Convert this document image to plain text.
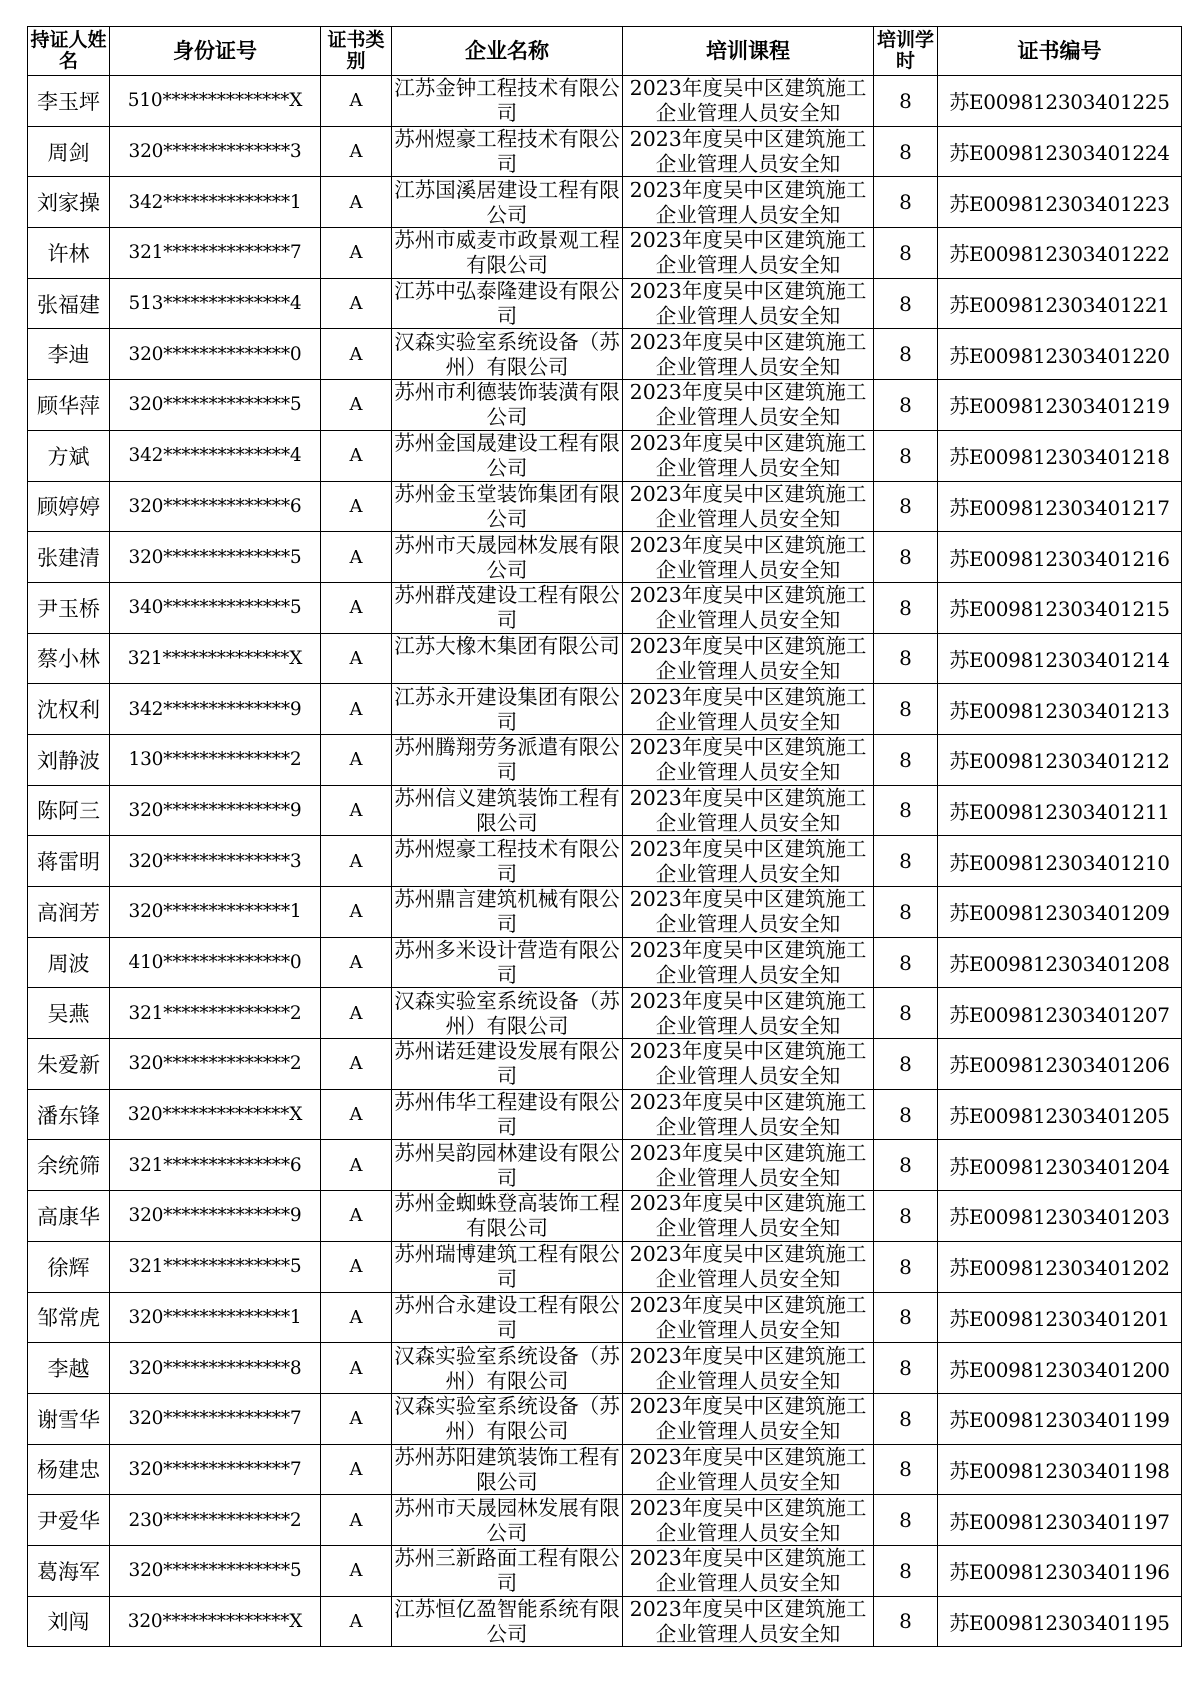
持证人姓名	身份证号	证书类别	企业名称	培训课程	培训学时	证书编号
李玉坪	510**************X	A	江苏金钟工程技术有限公司	2023年度吴中区建筑施工企业管理人员安全知	8	苏E009812303401225
周剑	320**************3	A	苏州煜豪工程技术有限公司	2023年度吴中区建筑施工企业管理人员安全知	8	苏E009812303401224
刘家操	342**************1	A	江苏国溪居建设工程有限公司	2023年度吴中区建筑施工企业管理人员安全知	8	苏E009812303401223
许林	321**************7	A	苏州市威麦市政景观工程有限公司	2023年度吴中区建筑施工企业管理人员安全知	8	苏E009812303401222
张福建	513**************4	A	江苏中弘泰隆建设有限公司	2023年度吴中区建筑施工企业管理人员安全知	8	苏E009812303401221
李迪	320**************0	A	汉森实验室系统设备（苏州）有限公司	2023年度吴中区建筑施工企业管理人员安全知	8	苏E009812303401220
顾华萍	320**************5	A	苏州市利德装饰装潢有限公司	2023年度吴中区建筑施工企业管理人员安全知	8	苏E009812303401219
方斌	342**************4	A	苏州金国晟建设工程有限公司	2023年度吴中区建筑施工企业管理人员安全知	8	苏E009812303401218
顾婷婷	320**************6	A	苏州金玉堂装饰集团有限公司	2023年度吴中区建筑施工企业管理人员安全知	8	苏E009812303401217
张建清	320**************5	A	苏州市天晟园林发展有限公司	2023年度吴中区建筑施工企业管理人员安全知	8	苏E009812303401216
尹玉桥	340**************5	A	苏州群茂建设工程有限公司	2023年度吴中区建筑施工企业管理人员安全知	8	苏E009812303401215
蔡小林	321**************X	A	江苏大橡木集团有限公司	2023年度吴中区建筑施工企业管理人员安全知	8	苏E009812303401214
沈权利	342**************9	A	江苏永开建设集团有限公司	2023年度吴中区建筑施工企业管理人员安全知	8	苏E009812303401213
刘静波	130**************2	A	苏州腾翔劳务派遣有限公司	2023年度吴中区建筑施工企业管理人员安全知	8	苏E009812303401212
陈阿三	320**************9	A	苏州信义建筑装饰工程有限公司	2023年度吴中区建筑施工企业管理人员安全知	8	苏E009812303401211
蒋雷明	320**************3	A	苏州煜豪工程技术有限公司	2023年度吴中区建筑施工企业管理人员安全知	8	苏E009812303401210
高润芳	320**************1	A	苏州鼎言建筑机械有限公司	2023年度吴中区建筑施工企业管理人员安全知	8	苏E009812303401209
周波	410**************0	A	苏州多米设计营造有限公司	2023年度吴中区建筑施工企业管理人员安全知	8	苏E009812303401208
吴燕	321**************2	A	汉森实验室系统设备（苏州）有限公司	2023年度吴中区建筑施工企业管理人员安全知	8	苏E009812303401207
朱爱新	320**************2	A	苏州诺廷建设发展有限公司	2023年度吴中区建筑施工企业管理人员安全知	8	苏E009812303401206
潘东锋	320**************X	A	苏州伟华工程建设有限公司	2023年度吴中区建筑施工企业管理人员安全知	8	苏E009812303401205
余统筛	321**************6	A	苏州吴韵园林建设有限公司	2023年度吴中区建筑施工企业管理人员安全知	8	苏E009812303401204
高康华	320**************9	A	苏州金蜘蛛登高装饰工程有限公司	2023年度吴中区建筑施工企业管理人员安全知	8	苏E009812303401203
徐辉	321**************5	A	苏州瑞博建筑工程有限公司	2023年度吴中区建筑施工企业管理人员安全知	8	苏E009812303401202
邹常虎	320**************1	A	苏州合永建设工程有限公司	2023年度吴中区建筑施工企业管理人员安全知	8	苏E009812303401201
李越	320**************8	A	汉森实验室系统设备（苏州）有限公司	2023年度吴中区建筑施工企业管理人员安全知	8	苏E009812303401200
谢雪华	320**************7	A	汉森实验室系统设备（苏州）有限公司	2023年度吴中区建筑施工企业管理人员安全知	8	苏E009812303401199
杨建忠	320**************7	A	苏州苏阳建筑装饰工程有限公司	2023年度吴中区建筑施工企业管理人员安全知	8	苏E009812303401198
尹爱华	230**************2	A	苏州市天晟园林发展有限公司	2023年度吴中区建筑施工企业管理人员安全知	8	苏E009812303401197
葛海军	320**************5	A	苏州三新路面工程有限公司	2023年度吴中区建筑施工企业管理人员安全知	8	苏E009812303401196
刘闯	320**************X	A	江苏恒亿盈智能系统有限公司	2023年度吴中区建筑施工企业管理人员安全知	8	苏E009812303401195
